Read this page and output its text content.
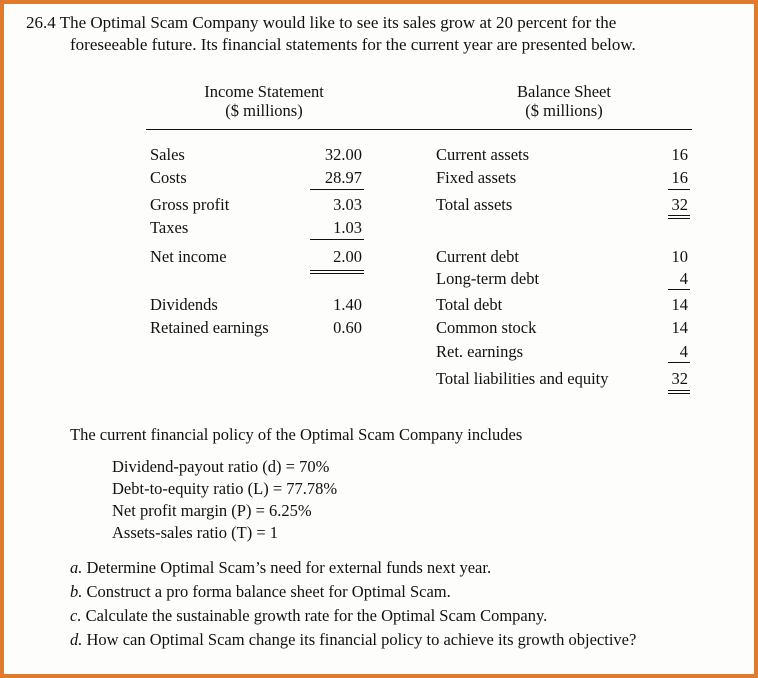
26.4 The Optimal Scam Company would like to see its sales grow at 20 percent for the
foreseeable future. Its financial statements for the current year are presented below.
Income Statement
($ millions)
Balance Sheet
($ millions)
Sales	32.00
Costs	28.97
Gross profit	3.03
Taxes	1.03
Net income	2.00
Dividends	1.40
Retained earnings	0.60
Current assets	16
Fixed assets	16
Total assets	32
Current debt	10
Long-term debt	4
Total debt	14
Common stock	14
Ret. earnings	4
Total liabilities and equity	32
The current financial policy of the Optimal Scam Company includes
Dividend-payout ratio (d) = 70%
Debt-to-equity ratio (L) = 77.78%
Net profit margin (P) = 6.25%
Assets-sales ratio (T) = 1
a. Determine Optimal Scam’s need for external funds next year.
b. Construct a pro forma balance sheet for Optimal Scam.
c. Calculate the sustainable growth rate for the Optimal Scam Company.
d. How can Optimal Scam change its financial policy to achieve its growth objective?
